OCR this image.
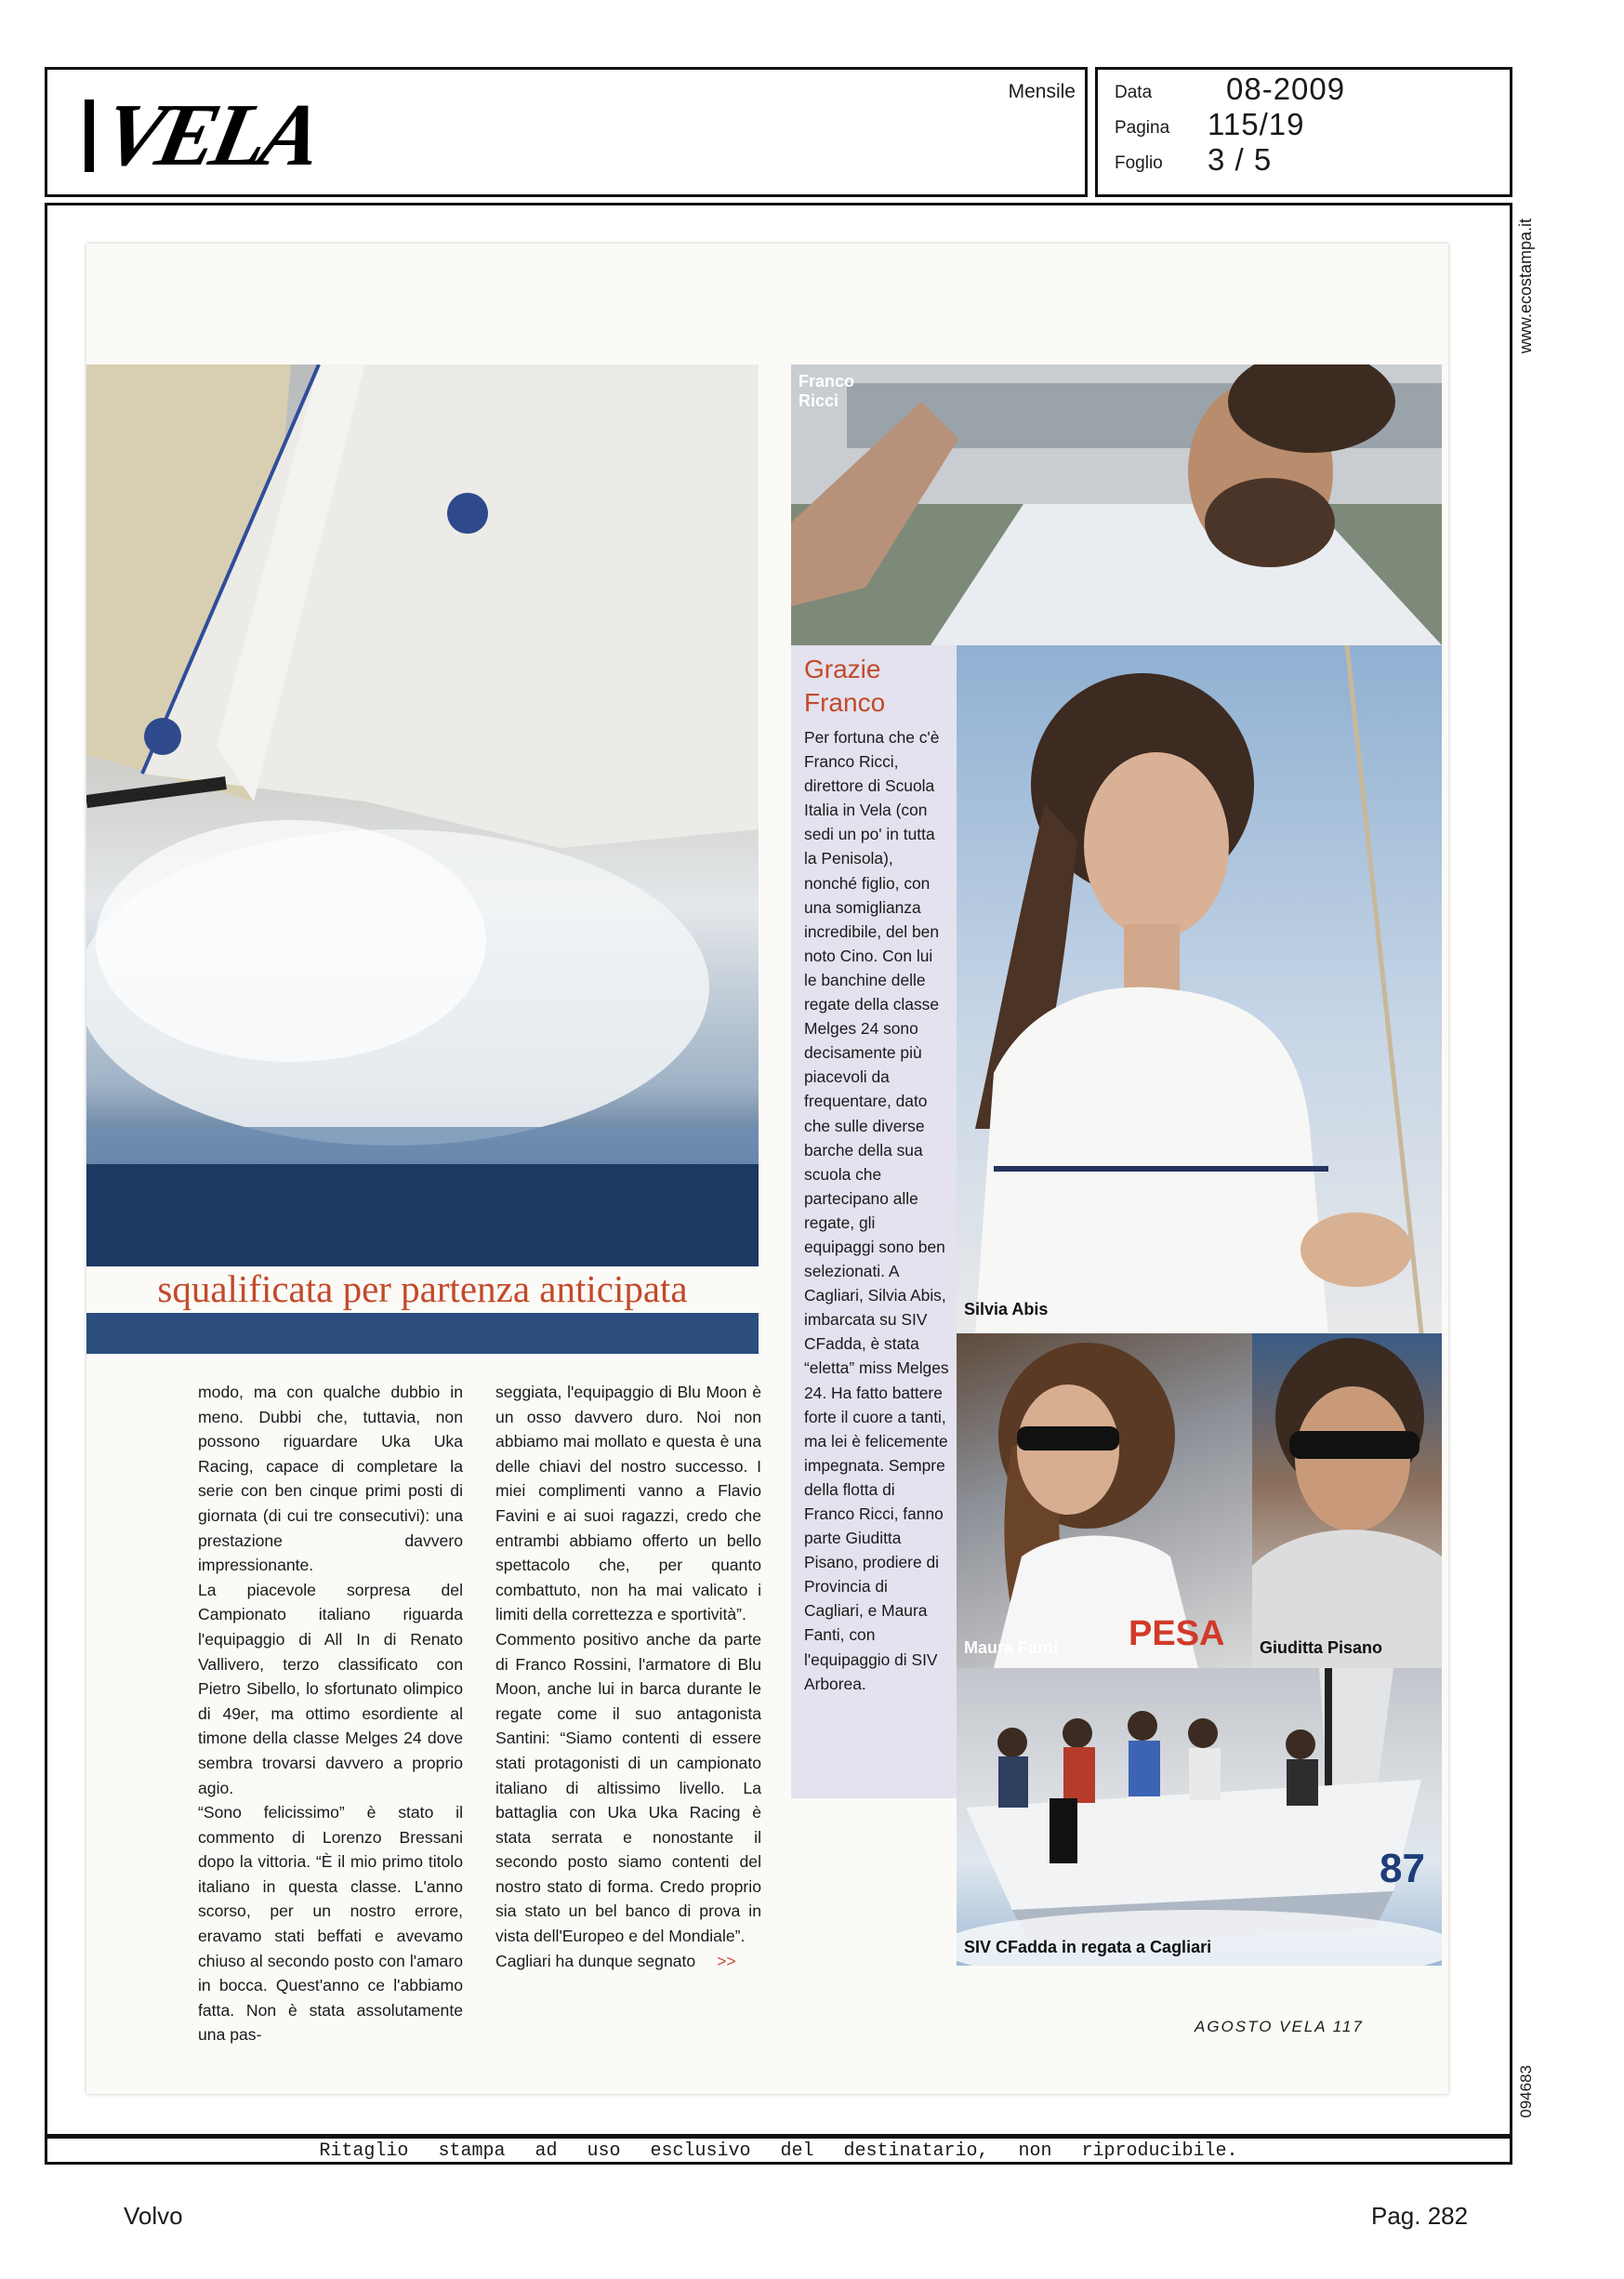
VELA	Mensile Data 08-2009
Pagina 115/19
Foglio 3 / 5
www.ecostampa.it
094683
squalificata per partenza anticipata

modo, ma con qualche dubbio in meno. Dubbi che, tuttavia, non possono riguardare Uka Uka Racing, capace di completare la serie con ben cinque primi posti di giornata (di cui tre consecutivi): una prestazione davvero impressionante.

La piacevole sorpresa del Campionato italiano riguarda l'equipaggio di All In di Renato Vallivero, terzo classificato con Pietro Sibello, lo sfortunato olimpico di 49er, ma ottimo esordiente al timone della classe Melges 24 dove sembra trovarsi davvero a proprio agio.

“Sono felicissimo” è stato il commento di Lorenzo Bressani dopo la vittoria. “È il mio primo titolo italiano in questa classe. L'anno scorso, per un nostro errore, eravamo stati beffati e avevamo chiuso al secondo posto con l'amaro in bocca. Quest'anno ce l'abbiamo fatta. Non è stata assolutamente una pas-

seggiata, l'equipaggio di Blu Moon è un osso davvero duro. Noi non abbiamo mai mollato e questa è una delle chiavi del nostro successo. I miei complimenti vanno a Flavio Favini e ai suoi ragazzi, credo che entrambi abbiamo offerto un bello spettacolo che, per quanto combattuto, non ha mai valicato i limiti della correttezza e sportività”.

Commento positivo anche da parte di Franco Rossini, l'armatore di Blu Moon, anche lui in barca durante le regate come il suo antagonista Santini: “Siamo contenti di essere stati protagonisti di un campionato italiano di altissimo livello. La battaglia con Uka Uka Racing è stata serrata e nonostante il secondo posto siamo contenti del nostro stato di forma. Credo proprio sia stato un bel banco di prova in vista dell'Europeo e del Mondiale”.

Cagliari ha dunque segnato >>

Franco
Ricci
Grazie
Franco
Per fortuna che c'è Franco Ricci, direttore di Scuola Italia in Vela (con sedi un po' in tutta la Penisola), nonché figlio, con una somiglianza incredibile, del ben noto Cino. Con lui le banchine delle regate della classe Melges 24 sono decisamente più piacevoli da frequentare, dato che sulle diverse barche della sua scuola che partecipano alle regate, gli equipaggi sono ben selezionati. A Cagliari, Silvia Abis, imbarcata su SIV CFadda, è stata “eletta” miss Melges 24. Ha fatto battere forte il cuore a tanti, ma lei è felicemente impegnata. Sempre della flotta di Franco Ricci, fanno parte Giuditta Pisano, prodiere di Provincia di Cagliari, e Maura Fanti, con l'equipaggio di SIV Arborea.
Silvia Abis
PESA
Maura Fanti	Giuditta Pisano
87
SIV CFadda in regata a Cagliari
AGOSTO VELA 117
Ritaglio stampa ad uso esclusivo del destinatario, non riproducibile.
Volvo	Pag. 282
